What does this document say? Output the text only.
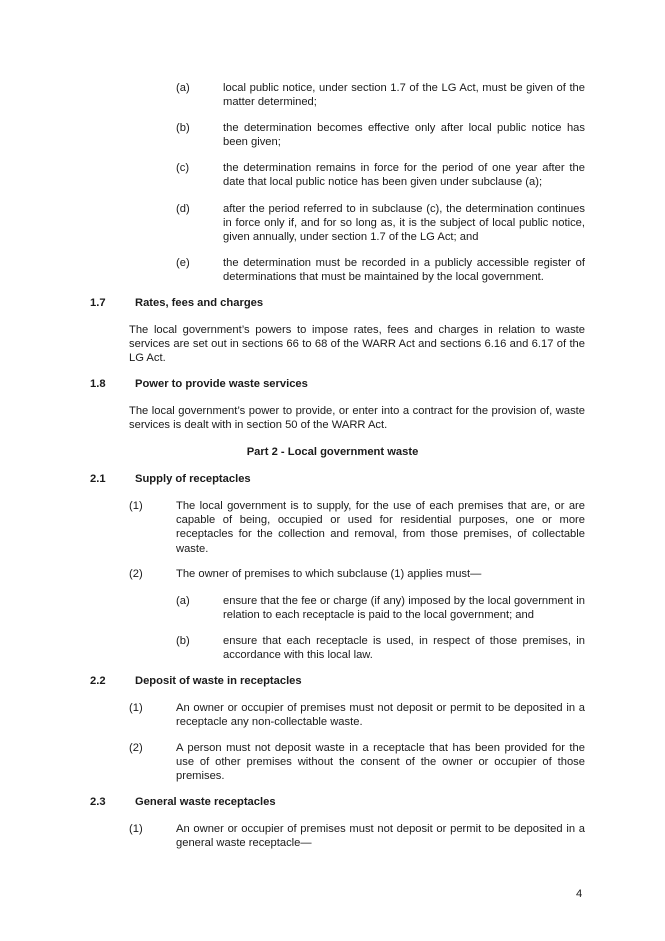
(a)	local public notice, under section 1.7 of the LG Act, must be given of the matter determined;
(b)	the determination becomes effective only after local public notice has been given;
(c)	the determination remains in force for the period of one year after the date that local public notice has been given under subclause (a);
(d)	after the period referred to in subclause (c), the determination continues in force only if, and for so long as, it is the subject of local public notice, given annually, under section 1.7 of the LG Act; and
(e)	the determination must be recorded in a publicly accessible register of determinations that must be maintained by the local government.
1.7	Rates, fees and charges
The local government’s powers to impose rates, fees and charges in relation to waste services are set out in sections 66 to 68 of the WARR Act and sections 6.16 and 6.17 of the LG Act.
1.8	Power to provide waste services
The local government’s power to provide, or enter into a contract for the provision of, waste services is dealt with in section 50 of the WARR Act.
Part 2 - Local government waste
2.1	Supply of receptacles
(1)	The local government is to supply, for the use of each premises that are, or are capable of being, occupied or used for residential purposes, one or more receptacles for the collection and removal, from those premises, of collectable waste.
(2)	The owner of premises to which subclause (1) applies must—
(a)	ensure that the fee or charge (if any) imposed by the local government in relation to each receptacle is paid to the local government; and
(b)	ensure that each receptacle is used, in respect of those premises, in accordance with this local law.
2.2	Deposit of waste in receptacles
(1)	An owner or occupier of premises must not deposit or permit to be deposited in a receptacle any non-collectable waste.
(2)	A person must not deposit waste in a receptacle that has been provided for the use of other premises without the consent of the owner or occupier of those premises.
2.3	General waste receptacles
(1)	An owner or occupier of premises must not deposit or permit to be deposited in a general waste receptacle—
4
